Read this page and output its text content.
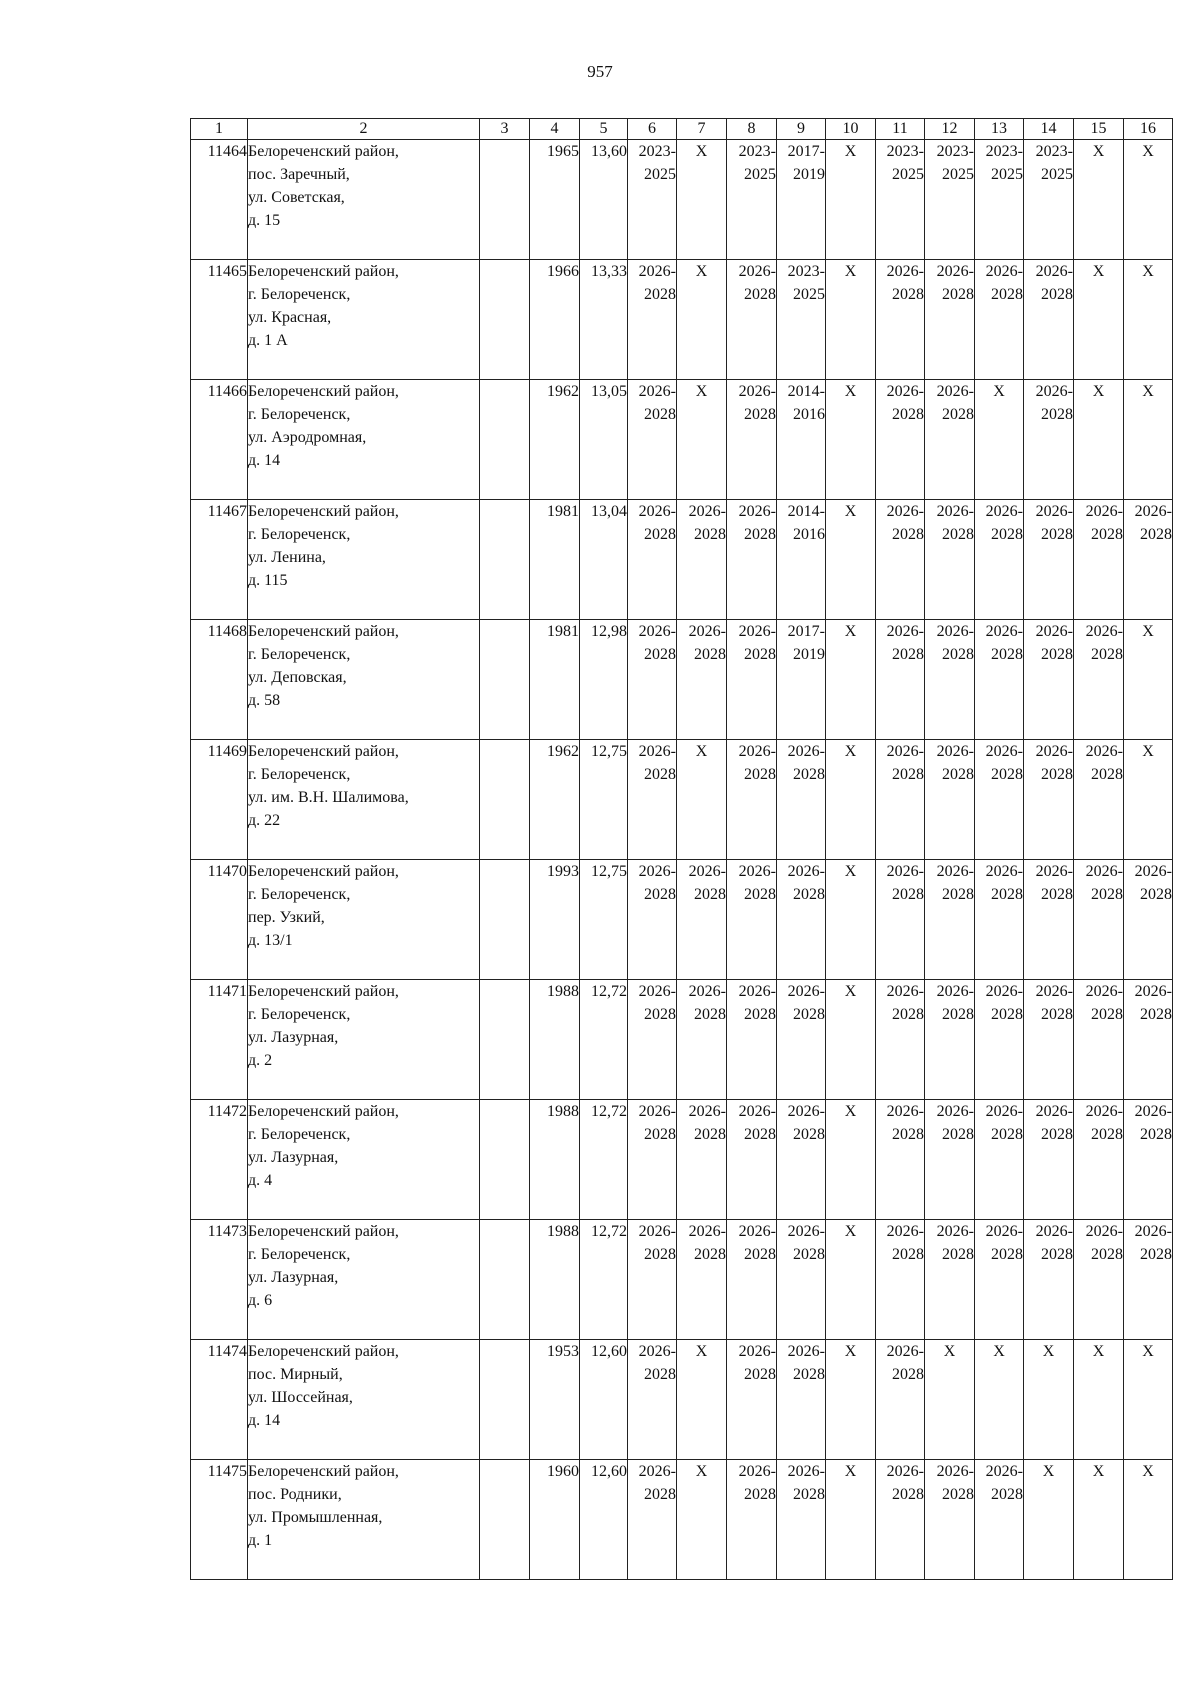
957
1	2	3	4	5	6	7	8	9	10	11	12	13	14	15	16
11464	Белореченский район,
пос. Заречный,
ул. Советская,
д. 15		1965	13,60	2023-
2025	X	2023-
2025	2017-
2019	X	2023-
2025	2023-
2025	2023-
2025	2023-
2025	X	X
11465	Белореченский район,
г. Белореченск,
ул. Красная,
д. 1 А		1966	13,33	2026-
2028	X	2026-
2028	2023-
2025	X	2026-
2028	2026-
2028	2026-
2028	2026-
2028	X	X
11466	Белореченский район,
г. Белореченск,
ул. Аэродромная,
д. 14		1962	13,05	2026-
2028	X	2026-
2028	2014-
2016	X	2026-
2028	2026-
2028	X	2026-
2028	X	X
11467	Белореченский район,
г. Белореченск,
ул. Ленина,
д. 115		1981	13,04	2026-
2028	2026-
2028	2026-
2028	2014-
2016	X	2026-
2028	2026-
2028	2026-
2028	2026-
2028	2026-
2028	2026-
2028

11468	Белореченский район,
г. Белореченск,
ул. Деповская,
д. 58		1981	12,98	2026-
2028	2026-
2028	2026-
2028	2017-
2019	X	2026-
2028	2026-
2028	2026-
2028	2026-
2028	2026-
2028	X
11469	Белореченский район,
г. Белореченск,
ул. им. В.Н. Шалимова,
д. 22		1962	12,75	2026-
2028	X	2026-
2028	2026-
2028	X	2026-
2028	2026-
2028	2026-
2028	2026-
2028	2026-
2028	X
11470	Белореченский район,
г. Белореченск,
пер. Узкий,
д. 13/1		1993	12,75	2026-
2028	2026-
2028	2026-
2028	2026-
2028	X	2026-
2028	2026-
2028	2026-
2028	2026-
2028	2026-
2028	2026-
2028

11471	Белореченский район,
г. Белореченск,
ул. Лазурная,
д. 2		1988	12,72	2026-
2028	2026-
2028	2026-
2028	2026-
2028	X	2026-
2028	2026-
2028	2026-
2028	2026-
2028	2026-
2028	2026-
2028

11472	Белореченский район,
г. Белореченск,
ул. Лазурная,
д. 4		1988	12,72	2026-
2028	2026-
2028	2026-
2028	2026-
2028	X	2026-
2028	2026-
2028	2026-
2028	2026-
2028	2026-
2028	2026-
2028

11473	Белореченский район,
г. Белореченск,
ул. Лазурная,
д. 6		1988	12,72	2026-
2028	2026-
2028	2026-
2028	2026-
2028	X	2026-
2028	2026-
2028	2026-
2028	2026-
2028	2026-
2028	2026-
2028

11474	Белореченский район,
пос. Мирный,
ул. Шоссейная,
д. 14		1953	12,60	2026-
2028	X	2026-
2028	2026-
2028	X	2026-
2028	X	X	X	X	X
11475	Белореченский район,
пос. Родники,
ул. Промышленная,
д. 1		1960	12,60	2026-
2028	X	2026-
2028	2026-
2028	X	2026-
2028	2026-
2028	2026-
2028	X	X	X
